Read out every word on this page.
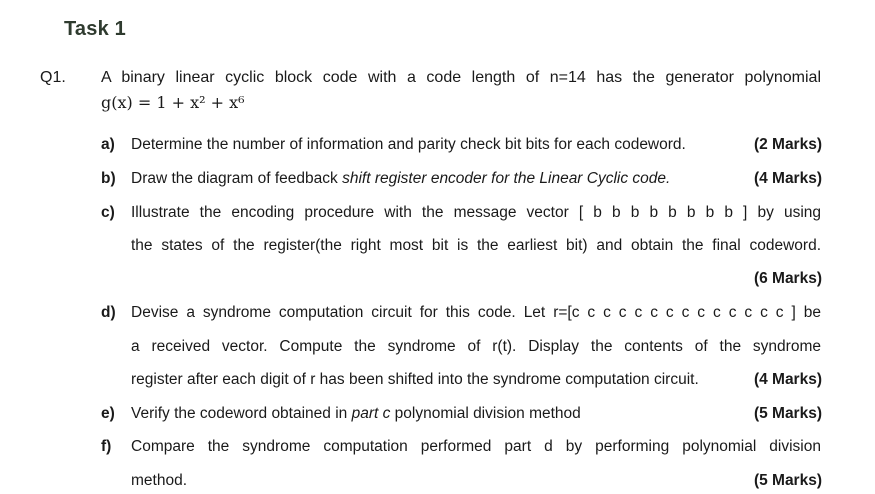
Task 1
Q1. A binary linear cyclic block code with a code length of n=14 has the generator polynomial
g(x) = 1 + x² + x⁶
a) Determine the number of information and parity check bit bits for each codeword.	(2 Marks)
b) Draw the diagram of feedback shift register encoder for the Linear Cyclic code.	(4 Marks)
c) Illustrate the encoding procedure with the message vector [ b b b b b b b b ] by using
the states of the register(the right most bit is the earliest bit) and obtain the final codeword.
(6 Marks)
d) Devise a syndrome computation circuit for this code. Let r=[c c c c c c c c c c c c c c ] be
a received vector. Compute the syndrome of r(t). Display the contents of the syndrome
register after each digit of r has been shifted into the syndrome computation circuit.	(4 Marks)
e) Verify the codeword obtained in part c polynomial division method	(5 Marks)
f) Compare the syndrome computation performed part d by performing polynomial division
method.	(5 Marks)
